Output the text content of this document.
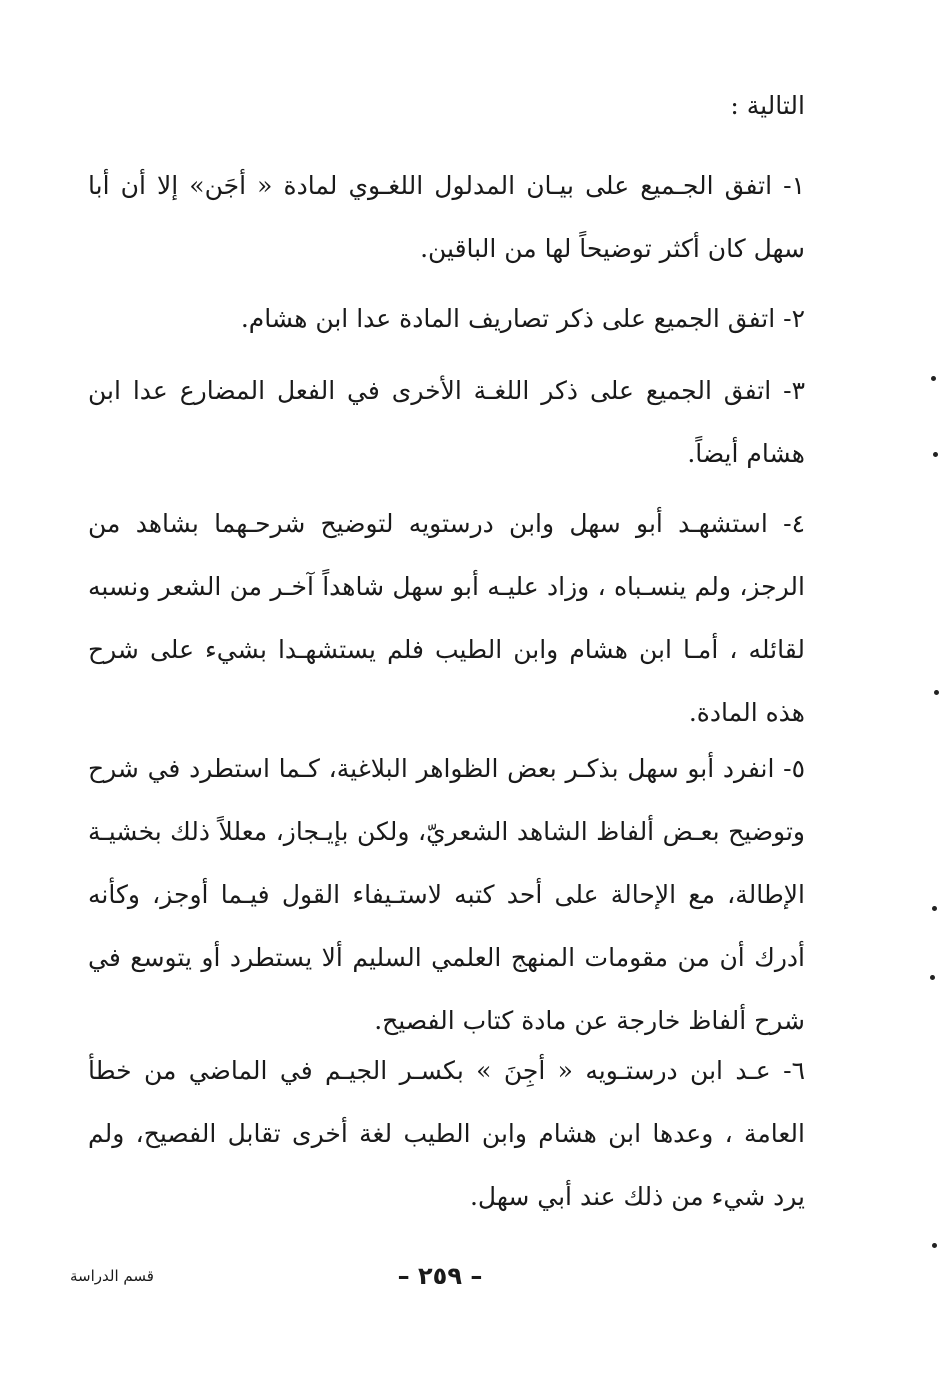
التالية :

١- اتفق الجـميع على بيـان المدلول اللغـوي لمادة « أجَن» إلا أن أبا سهل كان أكثر توضيحاً لها من الباقين.

٢- اتفق الجميع على ذكر تصاريف المادة عدا ابن هشام.

٣- اتفق الجميع على ذكر اللغـة الأخرى في الفعل المضارع عدا ابن هشام أيضاً.

٤- استشهـد أبو سهل وابن درستويه لتوضيح شرحـهما بشاهد من الرجز، ولم ينسـباه ، وزاد عليـه أبو سهل شاهداً آخـر من الشعر ونسبه لقائله ، أمـا ابن هشام وابن الطيب فلم يستشهـدا بشيء على شرح هذه المادة.

٥- انفرد أبو سهل بذكـر بعض الظواهر البلاغية، كـما استطرد في شرح وتوضيح بعـض ألفاظ الشاهد الشعريّ، ولكن بإيـجاز، معللاً ذلك بخشيـة الإطالة، مع الإحالة على أحد كتبه لاستـيفاء القول فيـما أوجز، وكأنه أدرك أن من مقومات المنهج العلمي السليم ألا يستطرد أو يتوسع في شرح ألفاظ خارجة عن مادة كتاب الفصيح.

٦- عـد ابن درستـويه « أجِنَ » بكسـر الجيـم في الماضي من خطأ العامة ، وعدها ابن هشام وابن الطيب لغة أخرى تقابل الفصيح، ولم يرد شيء من ذلك عند أبي سهل.

– ٢٥٩ –
قسم الدراسة
